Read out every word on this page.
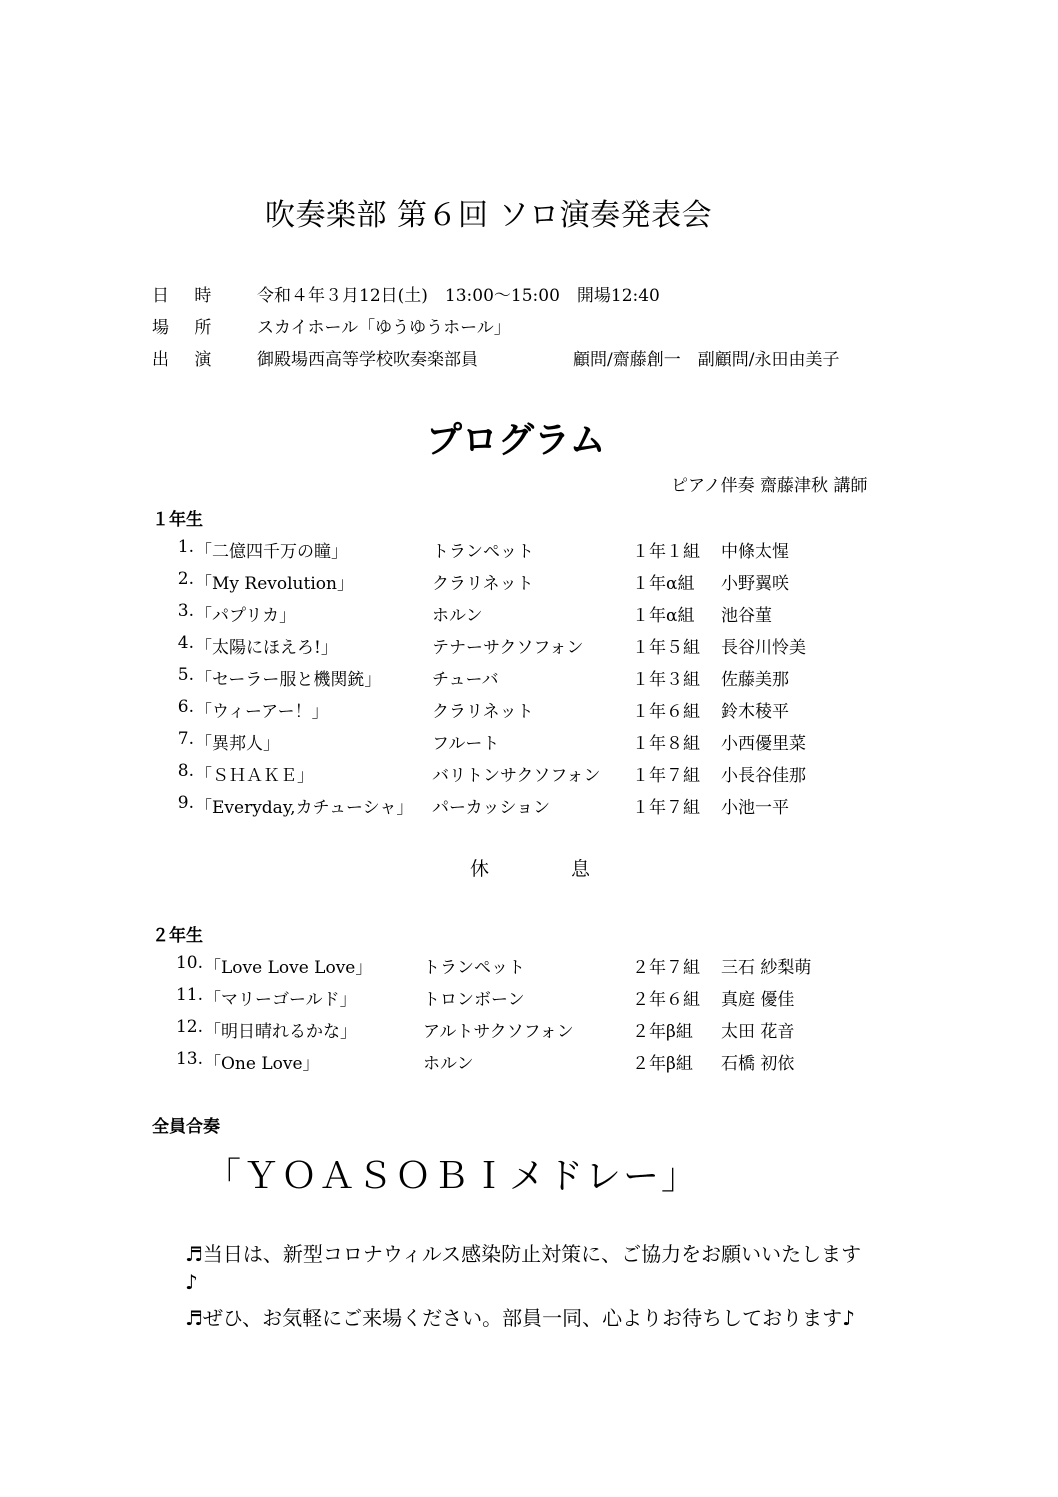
吹奏楽部 第６回 ソロ演奏発表会
日 時 令和４年３月12日(土)　13:00～15:00　開場12:40
場 所 スカイホール「ゆうゆうホール」
出 演 御殿場西高等学校吹奏楽部員	顧問/齋藤創一　副顧問/永田由美子
プログラム
ピアノ伴奏 齋藤津秋 講師
１年生
1. 「二億四千万の瞳」	トランペット	１年１組 中條太惺
2. 「My Revolution」	クラリネット	１年α組 小野翼咲
3. 「パプリカ」	ホルン	１年α組 池谷菫
4. 「太陽にほえろ!」	テナーサクソフォン	１年５組 長谷川怜美
5. 「セーラー服と機関銃」	チューバ	１年３組 佐藤美那
6. 「ウィーアー！」	クラリネット	１年６組 鈴木稜平
7. 「異邦人」	フルート	１年８組 小西優里菜
8. 「ＳＨＡＫＥ」	バリトンサクソフォン １年７組 小長谷佳那
9. 「Everyday,カチューシャ」 パーカッション	１年７組 小池一平
休息
２年生
10. 「Love Love Love」	トランペット	２年７組 三石 紗梨萌
11. 「マリーゴールド」	トロンボーン	２年６組 真庭 優佳
12. 「明日晴れるかな」	アルトサクソフォン	２年β組 太田 花音
13. 「One Love」	ホルン	２年β組 石橋 初依
全員合奏
「ＹＯＡＳＯＢＩメドレー」
♬当日は、新型コロナウィルス感染防止対策に、ご協力をお願いいたします
♪
♬ぜひ、お気軽にご来場ください。部員一同、心よりお待ちしております♪
